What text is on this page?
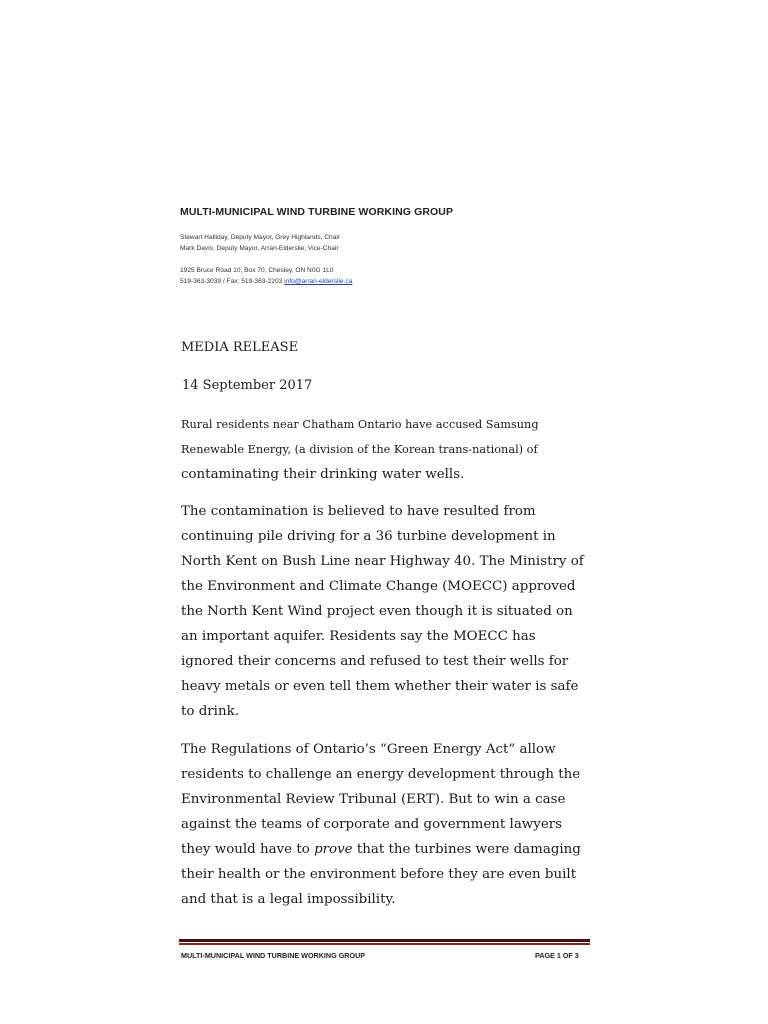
MULTI-MUNICIPAL WIND TURBINE WORKING GROUP
Stewart Halliday, Deputy Mayor, Grey Highlands, Chair
Mark Davis, Deputy Mayor, Arran-Elderslie, Vice-Chair
1925 Bruce Road 10, Box 70, Chesley, ON N0G 1L0
519-363-3039 / Fax: 519-363-2203 info@arran-elderslie.ca

MEDIA RELEASE

14 September 2017

Rural residents near Chatham Ontario have accused Samsung
Renewable Energy, (a division of the Korean trans-national) of
contaminating their drinking water wells.

The contamination is believed to have resulted from
continuing pile driving for a 36 turbine development in
North Kent on Bush Line near Highway 40. The Ministry of
the Environment and Climate Change (MOECC) approved
the North Kent Wind project even though it is situated on
an important aquifer. Residents say the MOECC has
ignored their concerns and refused to test their wells for
heavy metals or even tell them whether their water is safe
to drink.

The Regulations of Ontario’s “Green Energy Act” allow
residents to challenge an energy development through the
Environmental Review Tribunal (ERT). But to win a case
against the teams of corporate and government lawyers
they would have to prove that the turbines were damaging
their health or the environment before they are even built
and that is a legal impossibility.

MULTI-MUNICIPAL WIND TURBINE WORKING GROUP	PAGE 1 OF 3
